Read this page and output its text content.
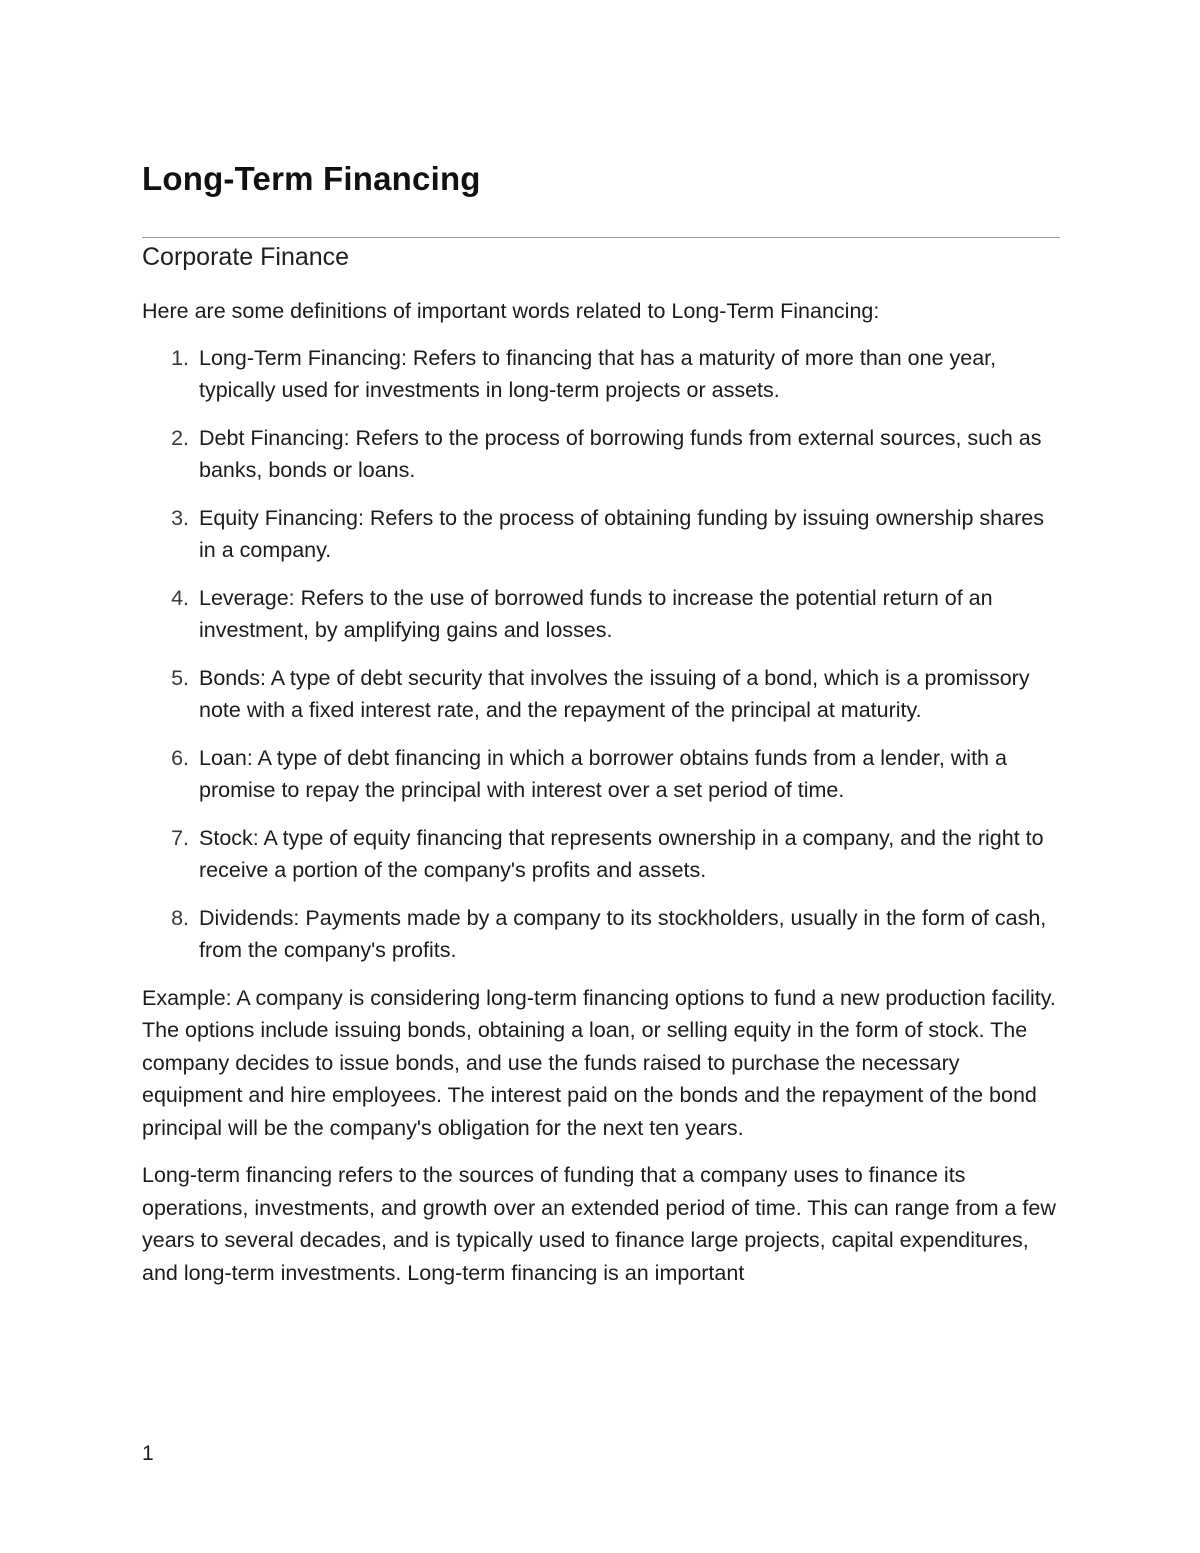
Long-Term Financing
Corporate Finance

Here are some definitions of important words related to Long-Term Financing:

1. Long-Term Financing: Refers to financing that has a maturity of more than one year, typically used for investments in long-term projects or assets.
2. Debt Financing: Refers to the process of borrowing funds from external sources, such as banks, bonds or loans.
3. Equity Financing: Refers to the process of obtaining funding by issuing ownership shares in a company.
4. Leverage: Refers to the use of borrowed funds to increase the potential return of an investment, by amplifying gains and losses.
5. Bonds: A type of debt security that involves the issuing of a bond, which is a promissory note with a fixed interest rate, and the repayment of the principal at maturity.
6. Loan: A type of debt financing in which a borrower obtains funds from a lender, with a promise to repay the principal with interest over a set period of time.
7. Stock: A type of equity financing that represents ownership in a company, and the right to receive a portion of the company's profits and assets.
8. Dividends: Payments made by a company to its stockholders, usually in the form of cash, from the company's profits.

Example: A company is considering long-term financing options to fund a new production facility. The options include issuing bonds, obtaining a loan, or selling equity in the form of stock. The company decides to issue bonds, and use the funds raised to purchase the necessary equipment and hire employees. The interest paid on the bonds and the repayment of the bond principal will be the company's obligation for the next ten years.

Long-term financing refers to the sources of funding that a company uses to finance its operations, investments, and growth over an extended period of time. This can range from a few years to several decades, and is typically used to finance large projects, capital expenditures, and long-term investments. Long-term financing is an important

1
